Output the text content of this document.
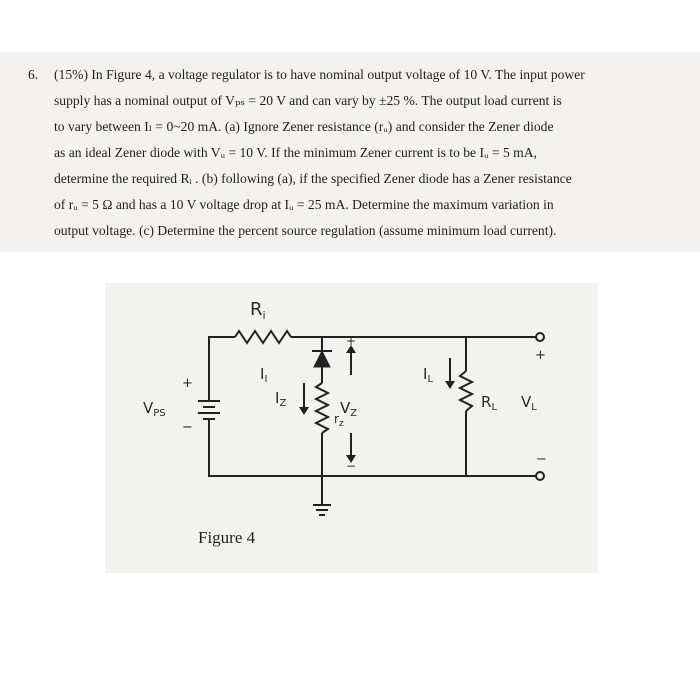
6. (15%) In Figure 4, a voltage regulator is to have nominal output voltage of 10 V. The input power
supply has a nominal output of Vₚₛ = 20 V and can vary by ±25 %. The output load current is
to vary between Iₗ = 0~20 mA. (a) Ignore Zener resistance (rᵤ) and consider the Zener diode
as an ideal Zener diode with Vᵤ = 10 V. If the minimum Zener current is to be Iᵤ = 5 mA,
determine the required Rᵢ . (b) following (a), if the specified Zener diode has a Zener resistance
of rᵤ = 5 Ω and has a 10 V voltage drop at Iᵤ = 25 mA. Determine the maximum variation in
output voltage. (c) Determine the percent source regulation (assume minimum load current).
$R_i$
$I_I$
$I_Z$
$I_L$
$V_{PS}$
+
−
$r_z$
$V_Z$
+
−
$R_L$ $V_L$
+
−
Figure 4
